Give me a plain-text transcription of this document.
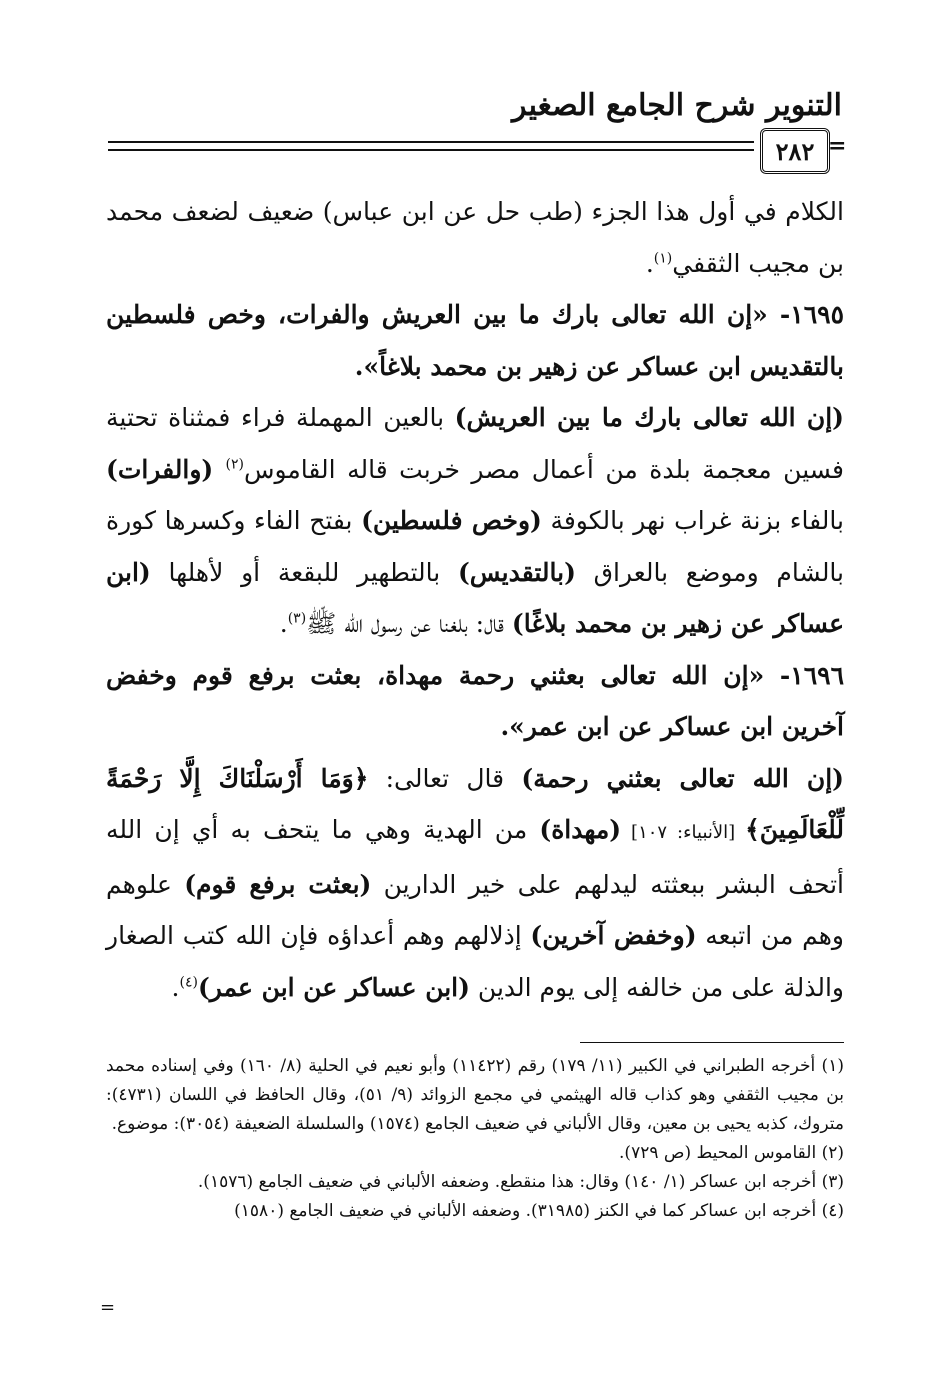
التنوير شرح الجامع الصغير
٢٨٢ =

الكلام في أول هذا الجزء (طب حل عن ابن عباس) ضعيف لضعف محمد بن مجيب الثقفي$^{(١)}$.

١٦٩٥- «إن الله تعالى بارك ما بين العريش والفرات، وخص فلسطين بالتقديس ابن عساكر عن زهير بن محمد بلاغاً».

(إن الله تعالى بارك ما بين العريش) بالعين المهملة فراء فمثناة تحتية فسين معجمة بلدة من أعمال مصر خربت قاله القاموس$^{(٢)}$ (والفرات) بالفاء بزنة غراب نهر بالكوفة (وخص فلسطين) بفتح الفاء وكسرها كورة بالشام وموضع بالعراق (بالتقديس) بالتطهير للبقعة أو لأهلها (ابن عساكر عن زهير بن محمد بلاغًا) قال: بلغنا عن رسول الله ﷺ$^{(٣)}$.

١٦٩٦- «إن الله تعالى بعثني رحمة مهداة، بعثت برفع قوم وخفض آخرين ابن عساكر عن ابن عمر».

(إن الله تعالى بعثني رحمة) قال تعالى: ﴿وَمَا أَرْسَلْنَاكَ إِلَّا رَحْمَةً لِّلْعَالَمِينَ﴾ [الأنبياء: ١٠٧] (مهداة) من الهدية وهي ما يتحف به أي إن الله أتحف البشر ببعثته ليدلهم على خير الدارين (بعثت برفع قوم) علوهم وهم من اتبعه (وخفض آخرين) إذلالهم وهم أعداؤه فإن الله كتب الصغار والذلة على من خالفه إلى يوم الدين (ابن عساكر عن ابن عمر)$^{(٤)}$.

(١) أخرجه الطبراني في الكبير (١١/ ١٧٩) رقم (١١٤٢٢) وأبو نعيم في الحلية (٨/ ١٦٠) وفي إسناده محمد بن مجيب الثقفي وهو كذاب قاله الهيثمي في مجمع الزوائد (٩/ ٥١)، وقال الحافظ في اللسان (٤٧٣١): متروك، كذبه يحيى بن معين، وقال الألباني في ضعيف الجامع (١٥٧٤) والسلسلة الضعيفة (٣٠٥٤): موضوع.

(٢) القاموس المحيط (ص ٧٢٩).

(٣) أخرجه ابن عساكر (١/ ١٤٠) وقال: هذا منقطع. وضعفه الألباني في ضعيف الجامع (١٥٧٦).

(٤) أخرجه ابن عساكر كما في الكنز (٣١٩٨٥). وضعفه الألباني في ضعيف الجامع (١٥٨٠)

=
